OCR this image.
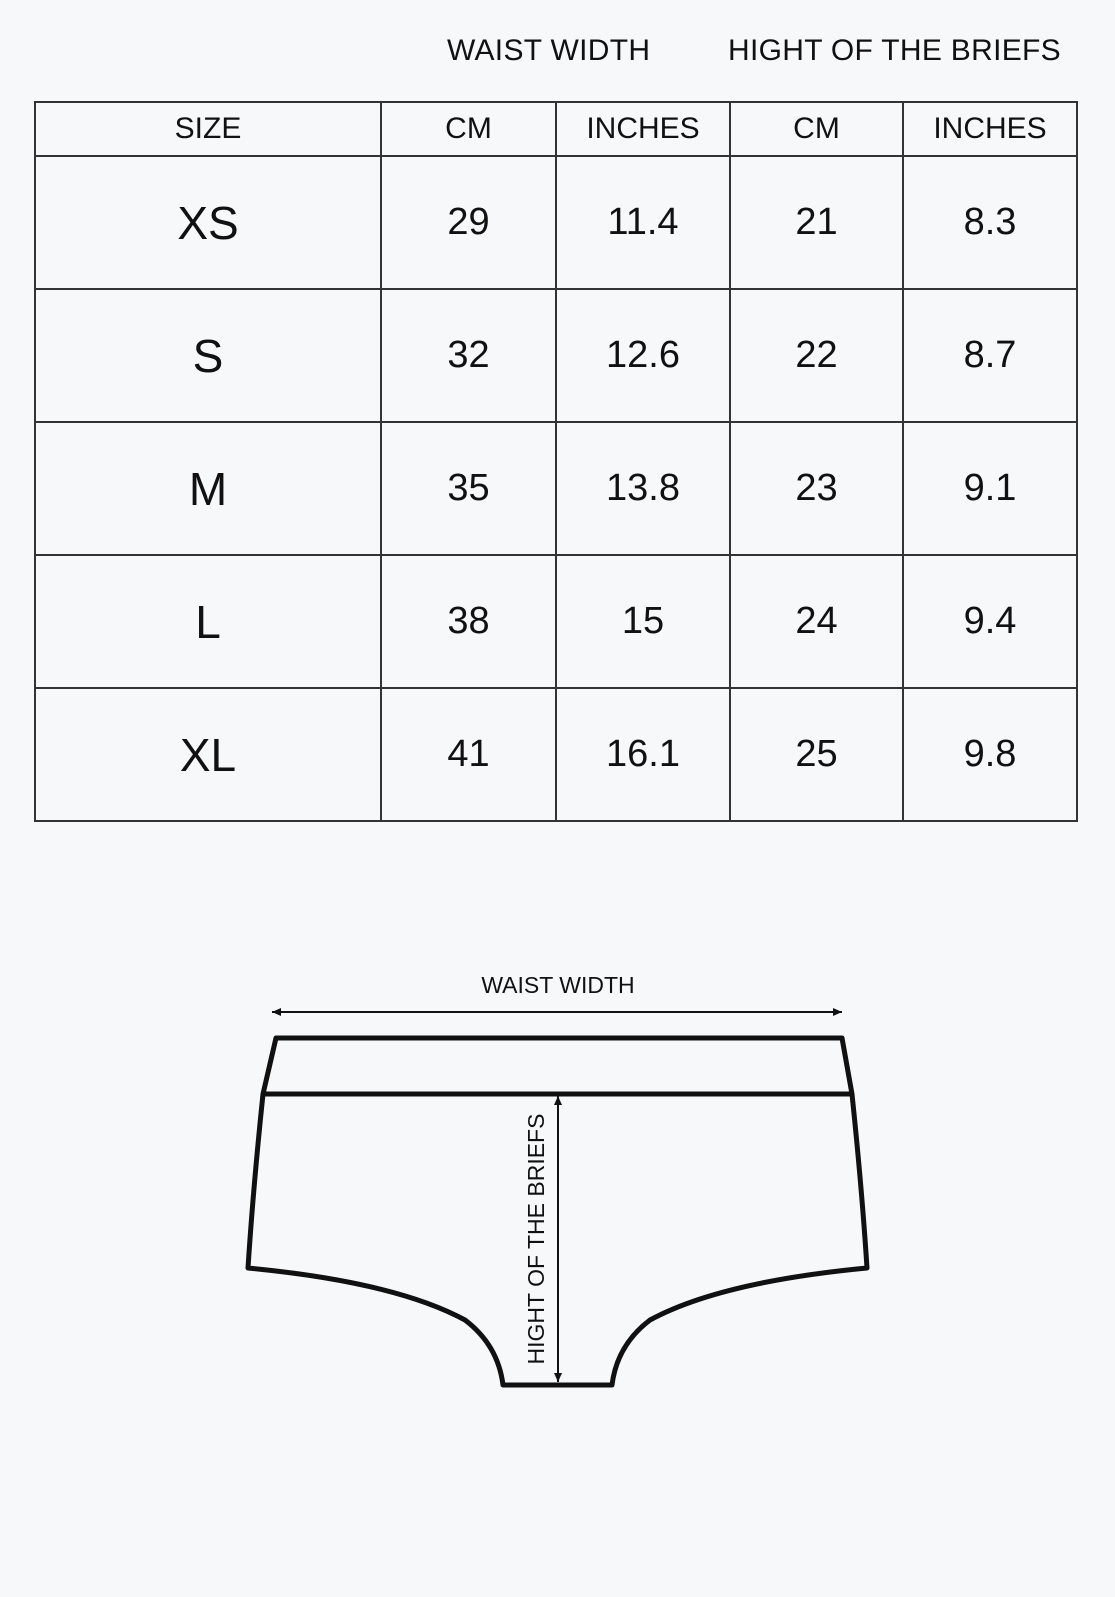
WAIST WIDTH	HIGHT OF THE BRIEFS
SIZE	CM	INCHES	CM	INCHES
XS	29	11.4	21	8.3
S	32	12.6	22	8.7
M	35	13.8	23	9.1
L	38	15	24	9.4
XL	41	16.1	25	9.8
WAIST WIDTH
HIGHT OF THE BRIEFS
